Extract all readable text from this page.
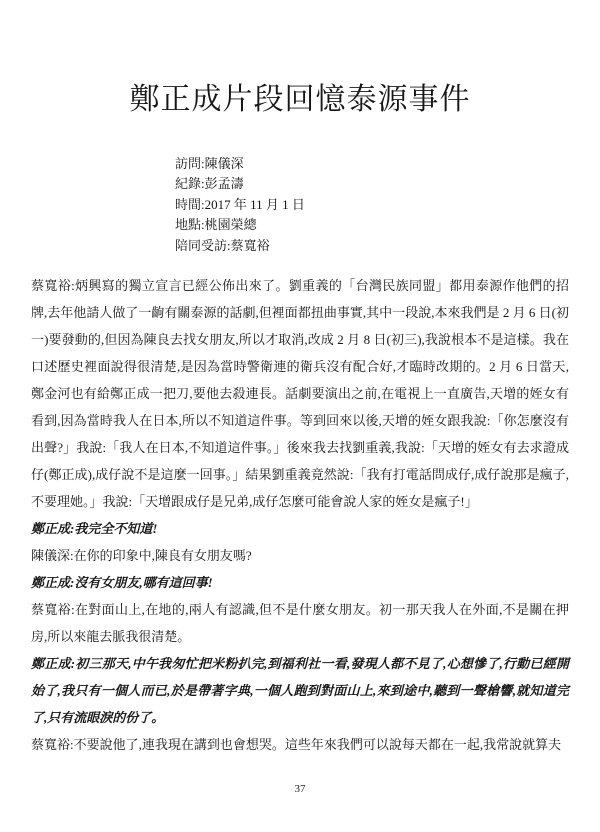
鄭正成片段回憶泰源事件
訪問:陳儀深
紀錄:彭孟濤
時間:2017 年 11 月 1 日
地點:桃園榮總
陪同受訪:蔡寬裕

蔡寬裕:炳興寫的獨立宣言已經公佈出來了。劉重義的「台灣民族同盟」都用泰源作他們的招牌,去年他請人做了一齣有關泰源的話劇,但裡面都扭曲事實,其中一段說,本來我們是 2 月 6 日(初一)要發動的,但因為陳良去找女朋友,所以才取消,改成 2 月 8 日(初三),我說根本不是這樣。我在口述歷史裡面說得很清楚,是因為當時警衛連的衛兵沒有配合好,才臨時改期的。2 月 6 日當天,鄭金河也有給鄭正成一把刀,要他去殺連長。話劇要演出之前,在電視上一直廣告,天增的姪女有看到,因為當時我人在日本,所以不知道這件事。等到回來以後,天增的姪女跟我說:「你怎麼沒有出聲?」我說:「我人在日本,不知道這件事。」後來我去找劉重義,我說:「天增的姪女有去求證成仔(鄭正成),成仔說不是這麼一回事。」結果劉重義竟然說:「我有打電話問成仔,成仔說那是瘋子,不要理她。」我說:「天增跟成仔是兄弟,成仔怎麼可能會說人家的姪女是瘋子!」

鄭正成:我完全不知道!

陳儀深:在你的印象中,陳良有女朋友嗎?

鄭正成:沒有女朋友,哪有這回事!

蔡寬裕:在對面山上,在地的,兩人有認識,但不是什麼女朋友。初一那天我人在外面,不是關在押房,所以來龍去脈我很清楚。

鄭正成:初三那天,中午我匆忙把米粉扒完,到福利社一看,發現人都不見了,心想慘了,行動已經開始了,我只有一個人而已,於是帶著字典,一個人跑到對面山上,來到途中,聽到一聲槍響,就知道完了,只有流眼淚的份了。

蔡寬裕:不要說他了,連我現在講到也會想哭。這些年來我們可以說每天都在一起,我常說就算夫

37
